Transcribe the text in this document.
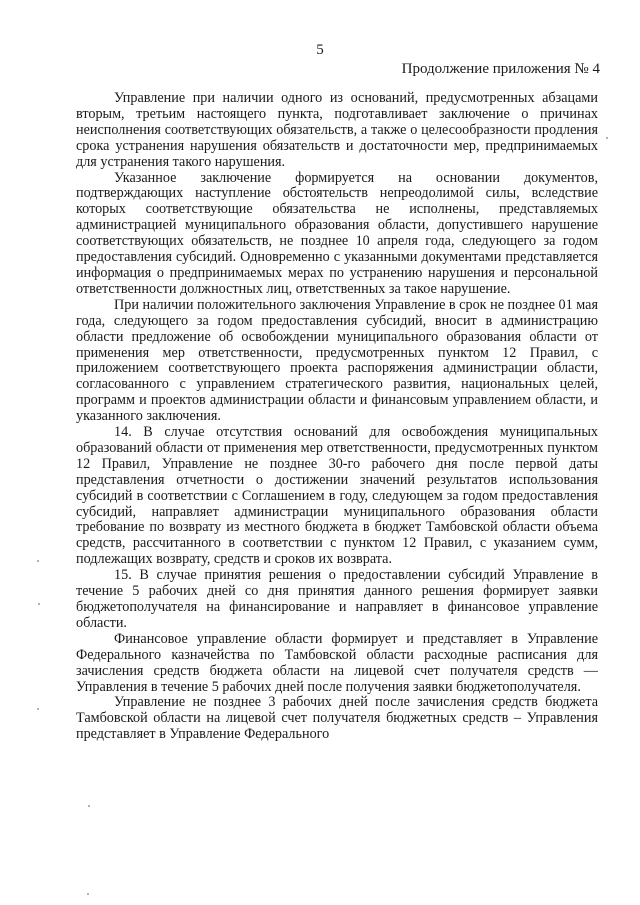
5
Продолжение приложения № 4

Управление при наличии одного из оснований, предусмотренных абзацами вторым, третьим настоящего пункта, подготавливает заключение о причинах неисполнения соответствующих обязательств, а также о целесообразности продления срока устранения нарушения обязательств и достаточности мер, предпринимаемых для устранения такого нарушения.

Указанное заключение формируется на основании документов, подтверждающих наступление обстоятельств непреодолимой силы, вследствие которых соответствующие обязательства не исполнены, представляемых администрацией муниципального образования области, допустившего нарушение соответствующих обязательств, не позднее 10 апреля года, следующего за годом предоставления субсидий. Одновременно с указанными документами представляется информация о предпринимаемых мерах по устранению нарушения и персональной ответственности должностных лиц, ответственных за такое нарушение.

При наличии положительного заключения Управление в срок не позднее 01 мая года, следующего за годом предоставления субсидий, вносит в администрацию области предложение об освобождении муниципального образования области от применения мер ответственности, предусмотренных пунктом 12 Правил, с приложением соответствующего проекта распоряжения администрации области, согласованного с управлением стратегического развития, национальных целей, программ и проектов администрации области и финансовым управлением области, и указанного заключения.

14. В случае отсутствия оснований для освобождения муниципальных образований области от применения мер ответственности, предусмотренных пунктом 12 Правил, Управление не позднее 30-го рабочего дня после первой даты представления отчетности о достижении значений результатов использования субсидий в соответствии с Соглашением в году, следующем за годом предоставления субсидий, направляет администрации муниципального образования области требование по возврату из местного бюджета в бюджет Тамбовской области объема средств, рассчитанного в соответствии с пунктом 12 Правил, с указанием сумм, подлежащих возврату, средств и сроков их возврата.

15. В случае принятия решения о предоставлении субсидий Управление в течение 5 рабочих дней со дня принятия данного решения формирует заявки бюджетополучателя на финансирование и направляет в финансовое управление области.

Финансовое управление области формирует и представляет в Управление Федерального казначейства по Тамбовской области расходные расписания для зачисления средств бюджета области на лицевой счет получателя средств — Управления в течение 5 рабочих дней после получения заявки бюджетополучателя.

Управление не позднее 3 рабочих дней после зачисления средств бюджета Тамбовской области на лицевой счет получателя бюджетных средств – Управления представляет в Управление Федерального
